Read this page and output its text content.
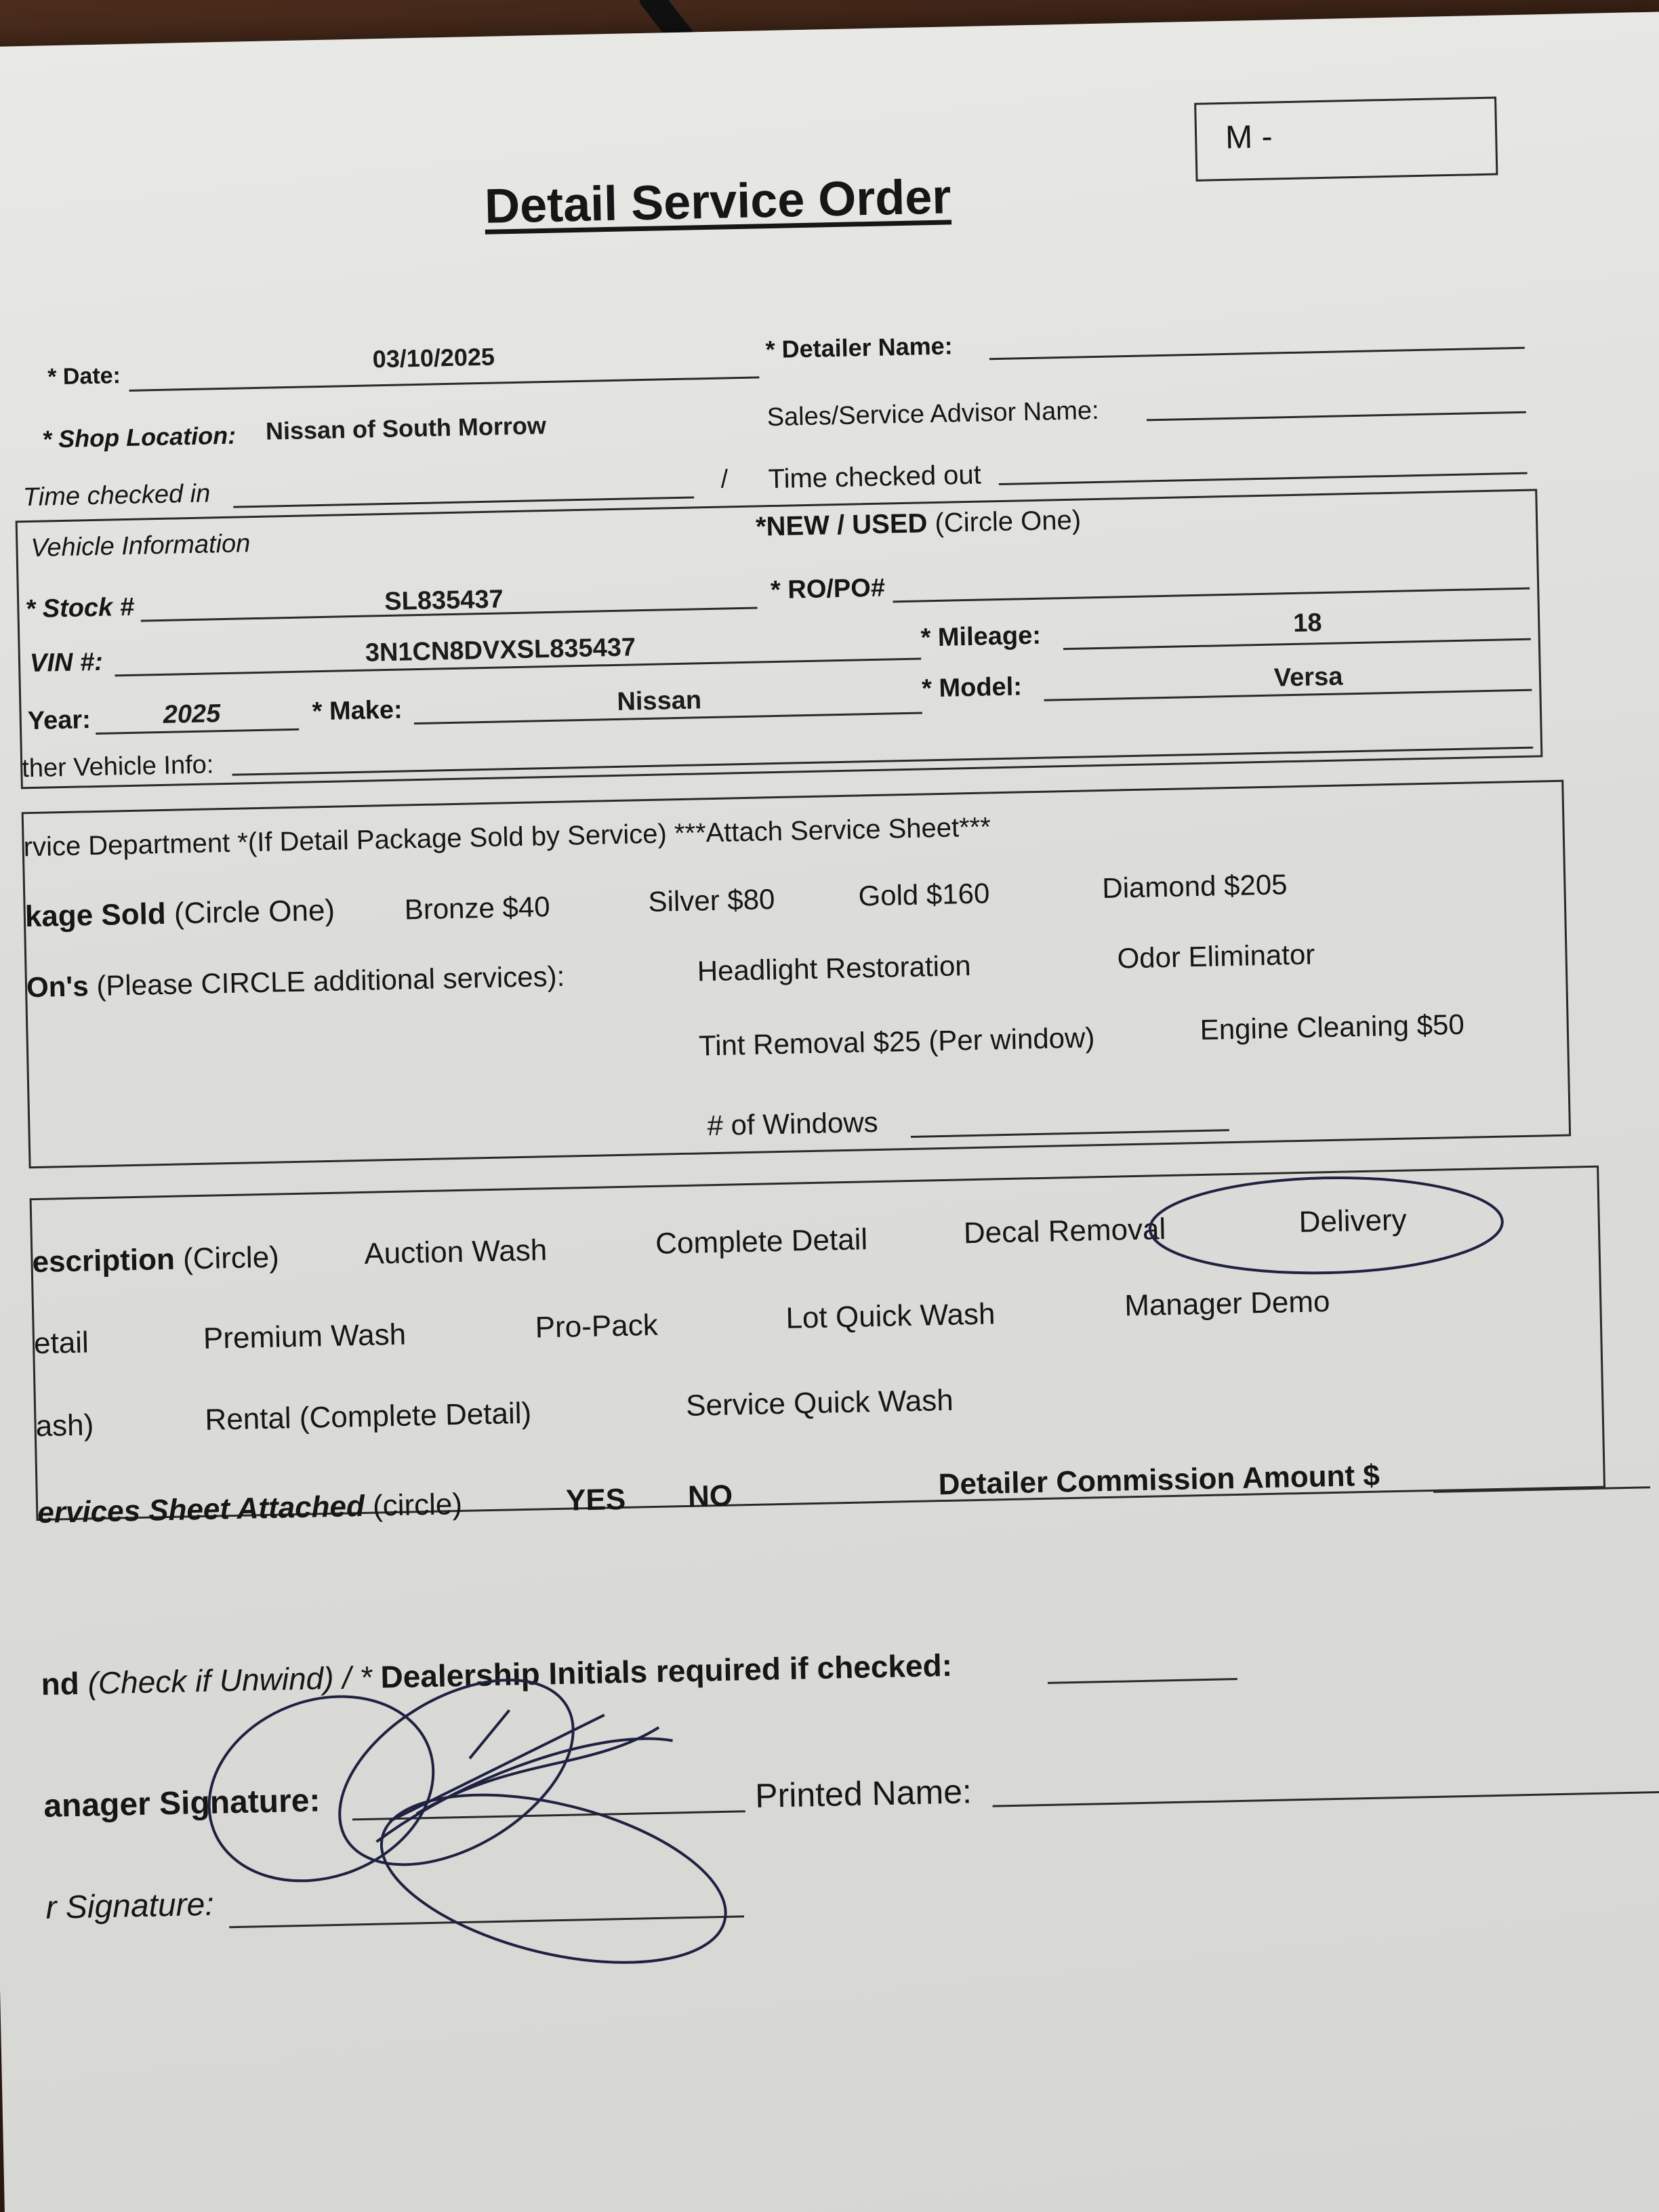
M -
Detail Service Order
* Date:
03/10/2025	* Detailer Name:
* Shop Location: Nissan of South Morrow	Sales/Service Advisor Name:
Time checked in	/ Time checked out
Vehicle Information
*NEW / USED (Circle One)
* Stock #	SL835437	* RO/PO#
VIN #:	3N1CN8DVXSL835437	* Mileage:	18
Year:	2025	* Make:	Nissan	* Model:	Versa
ther Vehicle Info:
rvice Department *(If Detail Package Sold by Service) ***Attach Service Sheet***
kage Sold (Circle One) Bronze $40	Silver $80	Gold $160	Diamond $205
On's (Please CIRCLE additional services):	Headlight Restoration	Odor Eliminator
Tint Removal $25 (Per window)	Engine Cleaning $50
# of Windows
escription (Circle)	Auction Wash	Complete Detail	Decal Removal	Delivery
etail	Premium Wash	Pro-Pack	Lot Quick Wash	Manager Demo
ash)	Rental (Complete Detail)	Service Quick Wash
ervices Sheet Attached (circle)	YES NO	Detailer Commission Amount $
nd (Check if Unwind) / * Dealership Initials required if checked:
anager Signature:	Printed Name:
r Signature:
